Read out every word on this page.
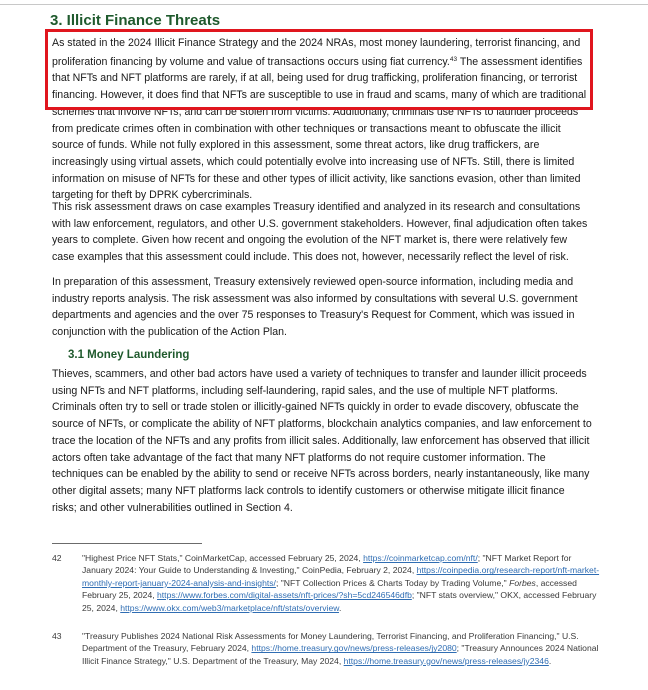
3. Illicit Finance Threats

As stated in the 2024 Illicit Finance Strategy and the 2024 NRAs, most money laundering, terrorist financing, and proliferation financing by volume and value of transactions occurs using fiat currency.$^{43}$ The assessment identifies that NFTs and NFT platforms are rarely, if at all, being used for drug trafficking, proliferation financing, or terrorist financing. However, it does find that NFTs are susceptible to use in fraud and scams, many of which are traditional schemes that involve NFTs, and can be stolen from victims. Additionally, criminals use NFTs to launder proceeds from predicate crimes often in combination with other techniques or transactions meant to obfuscate the illicit source of funds. While not fully explored in this assessment, some threat actors, like drug traffickers, are increasingly using virtual assets, which could potentially evolve into increasing use of NFTs. Still, there is limited information on misuse of NFTs for these and other types of illicit activity, like sanctions evasion, other than limited targeting for theft by DPRK cybercriminals.

This risk assessment draws on case examples Treasury identified and analyzed in its research and consultations with law enforcement, regulators, and other U.S. government stakeholders. However, final adjudication often takes years to complete. Given how recent and ongoing the evolution of the NFT market is, there were relatively few case examples that this assessment could include. This does not, however, necessarily reflect the level of risk.

In preparation of this assessment, Treasury extensively reviewed open-source information, including media and industry reports analysis. The risk assessment was also informed by consultations with several U.S. government departments and agencies and the over 75 responses to Treasury's Request for Comment, which was issued in conjunction with the publication of the Action Plan.

3.1 Money Laundering

Thieves, scammers, and other bad actors have used a variety of techniques to transfer and launder illicit proceeds using NFTs and NFT platforms, including self-laundering, rapid sales, and the use of multiple NFT platforms. Criminals often try to sell or trade stolen or illicitly-gained NFTs quickly in order to evade discovery, obfuscate the source of NFTs, or complicate the ability of NFT platforms, blockchain analytics companies, and law enforcement to trace the location of the NFTs and any profits from illicit sales. Additionally, law enforcement has observed that illicit actors often take advantage of the fact that many NFT platforms do not require customer information. The techniques can be enabled by the ability to send or receive NFTs across borders, nearly instantaneously, like many other digital assets; many NFT platforms lack controls to identify customers or otherwise mitigate illicit finance risks; and other vulnerabilities outlined in Section 4.

42 "Highest Price NFT Stats," CoinMarketCap, accessed February 25, 2024, https://coinmarketcap.com/nft/; "NFT Market Report for January 2024: Your Guide to Understanding & Investing," CoinPedia, February 2, 2024, https://coinpedia.org/research-report/nft-market-monthly-report-january-2024-analysis-and-insights/; "NFT Collection Prices & Charts Today by Trading Volume," Forbes, accessed February 25, 2024, https://www.forbes.com/digital-assets/nft-prices/?sh=5cd246546dfb; "NFT stats overview," OKX, accessed February 25, 2024, https://www.okx.com/web3/marketplace/nft/stats/overview.
43 "Treasury Publishes 2024 National Risk Assessments for Money Laundering, Terrorist Financing, and Proliferation Financing," U.S. Department of the Treasury, February 2024, https://home.treasury.gov/news/press-releases/jy2080; "Treasury Announces 2024 National Illicit Finance Strategy," U.S. Department of the Treasury, May 2024, https://home.treasury.gov/news/press-releases/jy2346.
